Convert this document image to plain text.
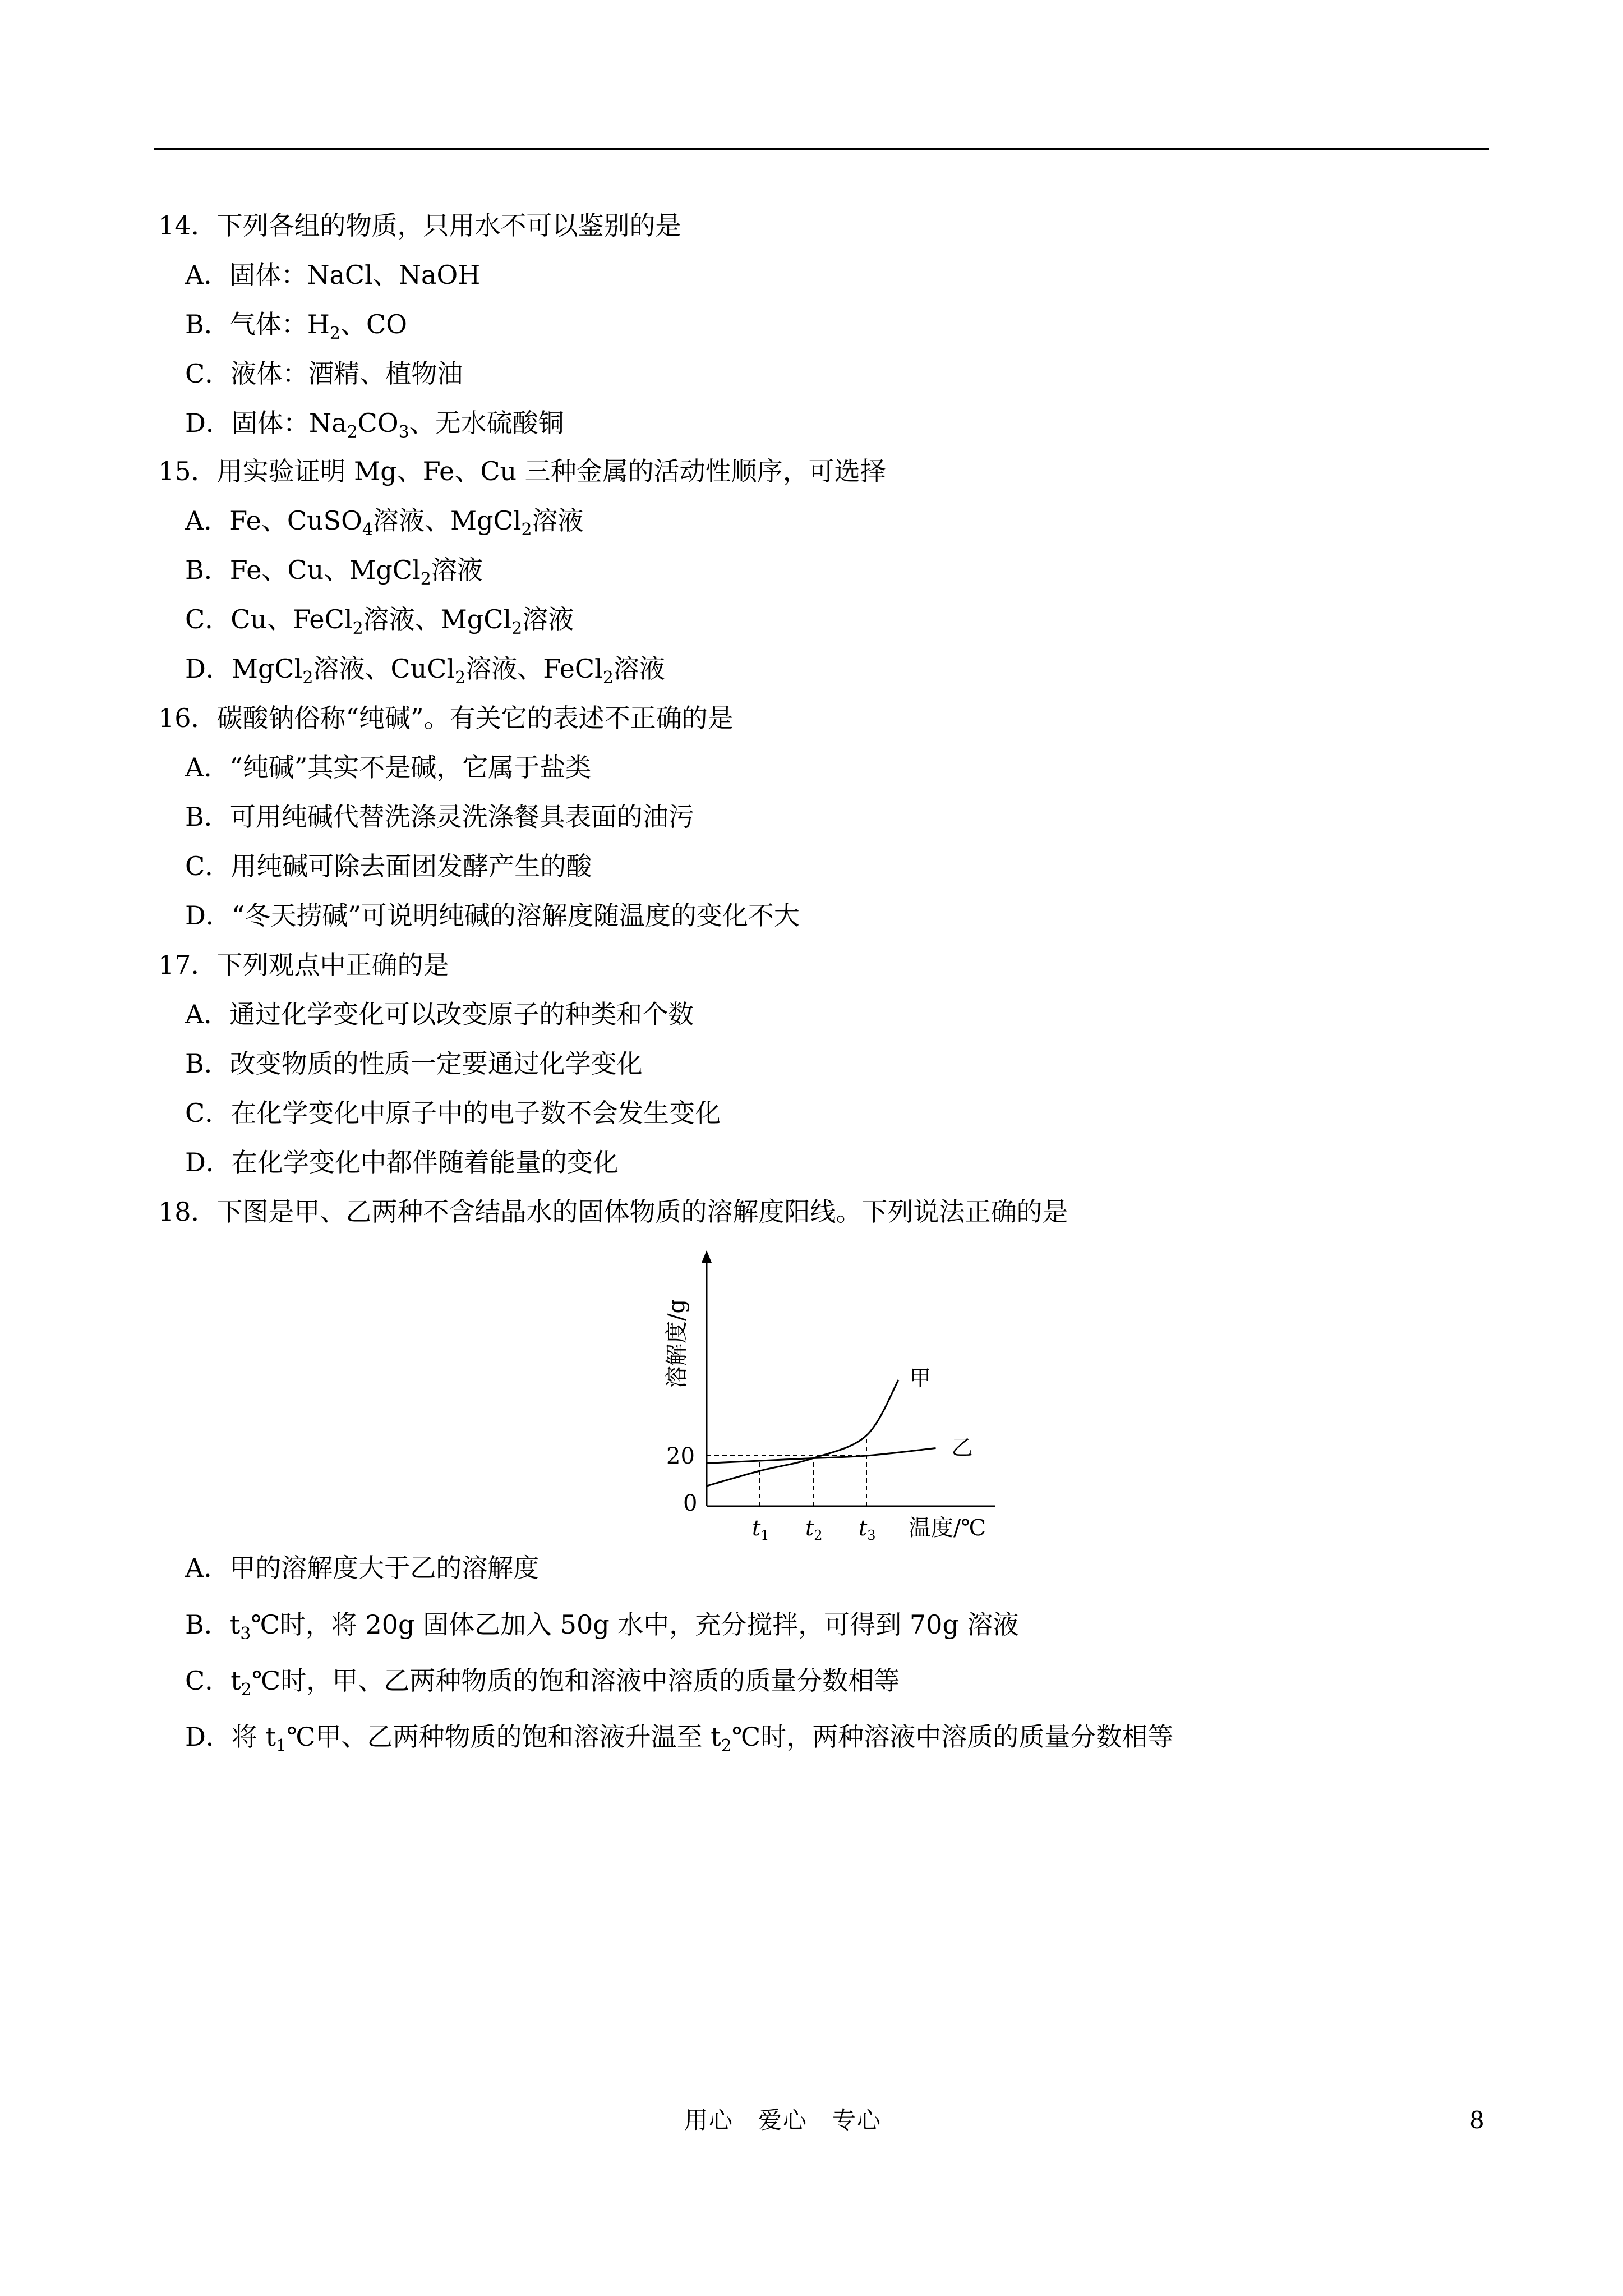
14．下列各组的物质，只用水不可以鉴别的是
A．固体：NaCl、NaOH
B．气体：$H_2$、CO
C．液体：酒精、植物油
D．固体：$Na_2CO_3$、无水硫酸铜
15．用实验证明 Mg、Fe、Cu 三种金属的活动性顺序，可选择
A．Fe、CuSO$_4$溶液、MgCl$_2$溶液
B．Fe、Cu、MgCl$_2$溶液
C．Cu、FeCl$_2$溶液、MgCl$_2$溶液
D．MgCl$_2$溶液、CuCl$_2$溶液、FeCl$_2$溶液
16．碳酸钠俗称“纯碱”。有关它的表述不正确的是
A．“纯碱”其实不是碱，它属于盐类
B．可用纯碱代替洗涤灵洗涤餐具表面的油污
C．用纯碱可除去面团发酵产生的酸
D．“冬天捞碱”可说明纯碱的溶解度随温度的变化不大
17．下列观点中正确的是
A．通过化学变化可以改变原子的种类和个数
B．改变物质的性质一定要通过化学变化
C．在化学变化中原子中的电子数不会发生变化
D．在化学变化中都伴随着能量的变化
18．下图是甲、乙两种不含结晶水的固体物质的溶解度阳线。下列说法正确的是
A．甲的溶解度大于乙的溶解度
B．$t_3℃$时，将 20g 固体乙加入 50g 水中，充分搅拌，可得到 70g 溶液
C．$t_2℃$时，甲、乙两种物质的饱和溶液中溶质的质量分数相等
D．将 $t_1℃$甲、乙两种物质的饱和溶液升温至 $t_2℃$时，两种溶液中溶质的质量分数相等
甲
乙
0
20
$t_1$ $t_2$ $t_3$ 温度/℃
溶解度/g
用心　爱心　专心	8
